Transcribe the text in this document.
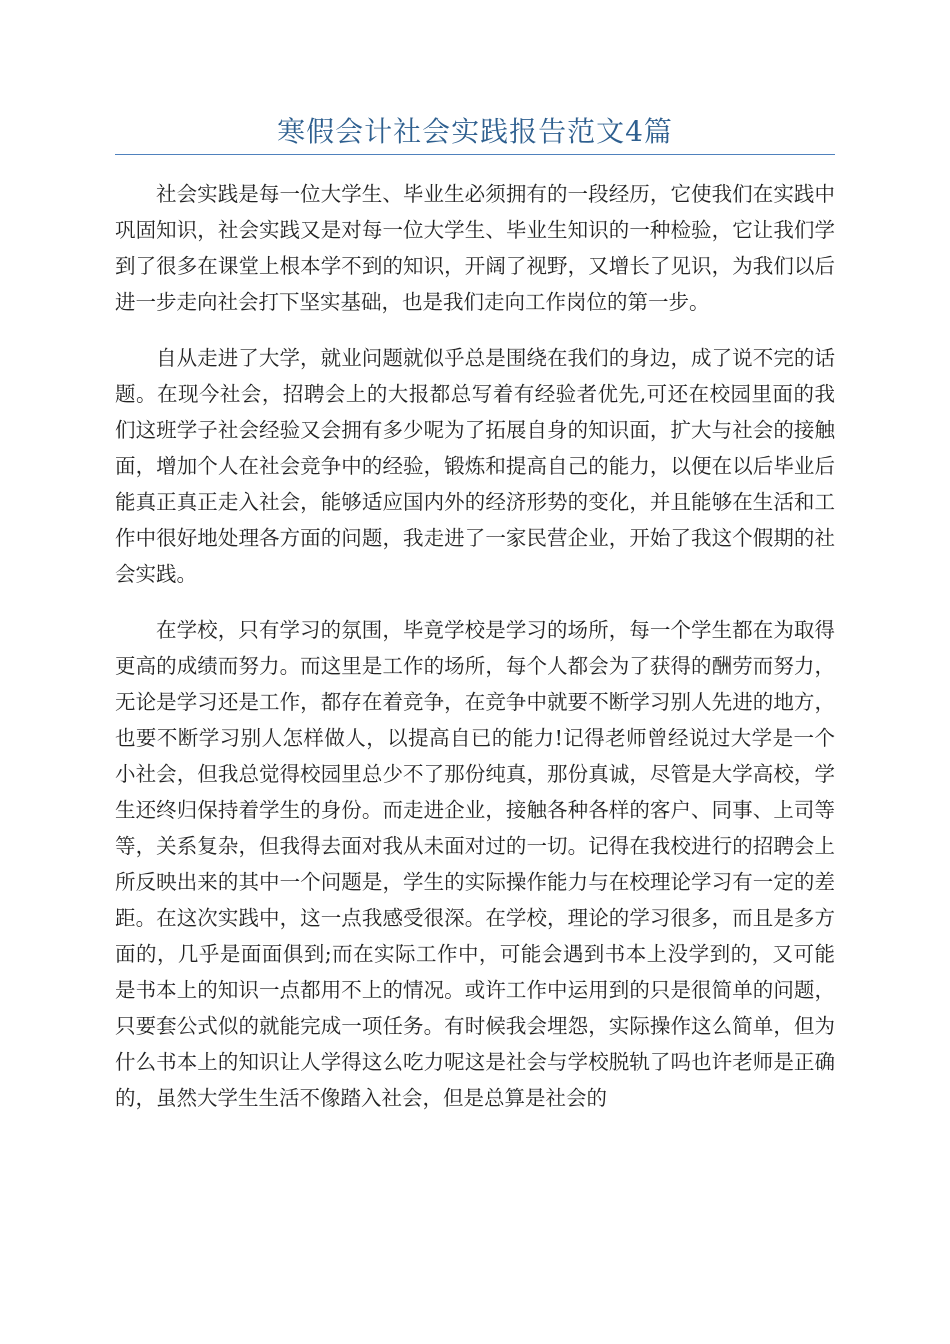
寒假会计社会实践报告范文4篇

社会实践是每一位大学生、毕业生必须拥有的一段经历，它使我们在实践中巩固知识，社会实践又是对每一位大学生、毕业生知识的一种检验，它让我们学到了很多在课堂上根本学不到的知识，开阔了视野，又增长了见识，为我们以后进一步走向社会打下坚实基础，也是我们走向工作岗位的第一步。

自从走进了大学，就业问题就似乎总是围绕在我们的身边，成了说不完的话题。在现今社会，招聘会上的大报都总写着有经验者优先,可还在校园里面的我们这班学子社会经验又会拥有多少呢为了拓展自身的知识面，扩大与社会的接触面，增加个人在社会竞争中的经验，锻炼和提高自己的能力，以便在以后毕业后能真正真正走入社会，能够适应国内外的经济形势的变化，并且能够在生活和工作中很好地处理各方面的问题，我走进了一家民营企业，开始了我这个假期的社会实践。

在学校，只有学习的氛围，毕竟学校是学习的场所，每一个学生都在为取得更高的成绩而努力。而这里是工作的场所，每个人都会为了获得的酬劳而努力，无论是学习还是工作，都存在着竞争，在竞争中就要不断学习别人先进的地方，也要不断学习别人怎样做人，以提高自已的能力!记得老师曾经说过大学是一个小社会，但我总觉得校园里总少不了那份纯真，那份真诚，尽管是大学高校，学生还终归保持着学生的身份。而走进企业，接触各种各样的客户、同事、上司等等，关系复杂，但我得去面对我从未面对过的一切。记得在我校进行的招聘会上所反映出来的其中一个问题是，学生的实际操作能力与在校理论学习有一定的差距。在这次实践中，这一点我感受很深。在学校，理论的学习很多，而且是多方面的，几乎是面面俱到;而在实际工作中，可能会遇到书本上没学到的，又可能是书本上的知识一点都用不上的情况。或许工作中运用到的只是很简单的问题，只要套公式似的就能完成一项任务。有时候我会埋怨，实际操作这么简单，但为什么书本上的知识让人学得这么吃力呢这是社会与学校脱轨了吗也许老师是正确的，虽然大学生生活不像踏入社会，但是总算是社会的
